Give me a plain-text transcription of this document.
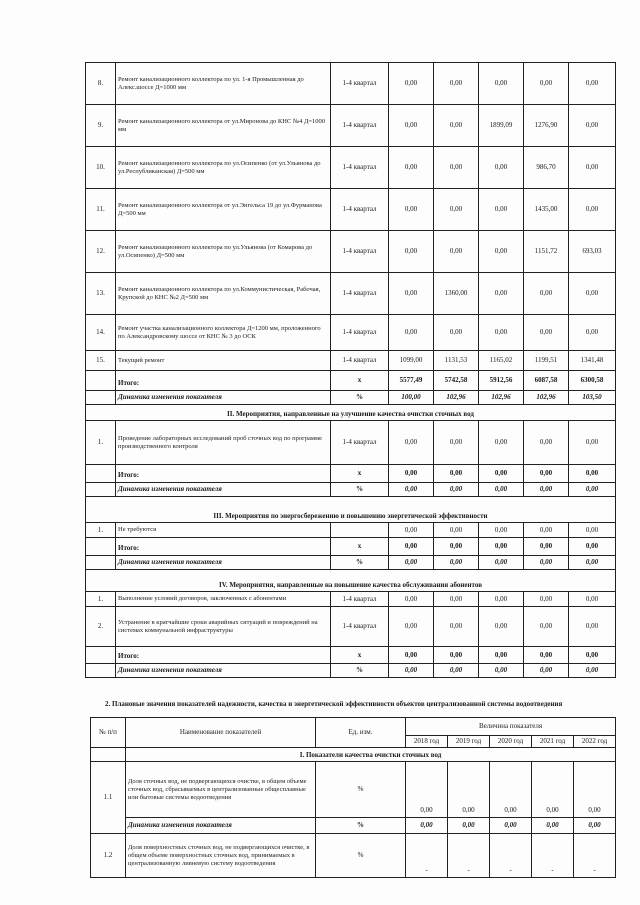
8.	Ремонт канализационного коллектора по ул. 1-я Промышленная до Алекс.шоссе Д=1000 мм	1-4 квартал	0,00	0,00	0,00	0,00	0,00
9.	Ремонт канализационного коллектора от ул.Миронова до КНС №4 Д=1000 мм	1-4 квартал	0,00	0,00	1899,09	1276,90	0,00
10.	Ремонт канализационного коллектора по ул.Осипенко (от ул.Ульянова до ул.Республиканская) Д=500 мм	1-4 квартал	0,00	0,00	0,00	986,70	0,00
11.	Ремонт канализационного коллектора от ул.Энгельса 19 до ул.Фурманова Д=500 мм	1-4 квартал	0,00	0,00	0,00	1435,00	0,00
12.	Ремонт канализационного коллектора по ул.Ульянова (от Комарова до ул.Осипенко) Д=500 мм	1-4 квартал	0,00	0,00	0,00	1151,72	693,03
13.	Ремонт канализационного коллектора по ул.Коммунистическая, Рабочая, Крупской до КНС №2 Д=500 мм	1-4 квартал	0,00	1360,00	0,00	0,00	0,00
14.	Ремонт участка канализационного коллектора Д=1200 мм, проложенного по Александровскому шоссе от КНС № 3 до ОСК	1-4 квартал	0,00	0,00	0,00	0,00	0,00
15.	Текущий ремонт	1-4 квартал	1099,00	1131,53	1165,02	1199,51	1341,48
	Итого:	х	5577,49	5742,58	5912,56	6087,58	6300,58
	Динамика изменения показателя	%	100,00	102,96	102,96	102,96	103,50
II. Мероприятия, направленные на улучшение качества очистки сточных вод							
1.	Проведение лабораторных исследований проб сточных вод по программе производственного контроля	1-4 квартал	0,00	0,00	0,00	0,00	0,00
	Итого:	х	0,00	0,00	0,00	0,00	0,00
	Динамика изменения показателя	%	0,00	0,00	0,00	0,00	0,00
III. Мероприятия по энергосбережению и повышению энергетической эффективности							
1.	Не требуются		0,00	0,00	0,00	0,00	0,00
	Итого:	х	0,00	0,00	0,00	0,00	0,00
	Динамика изменения показателя	%	0,00	0,00	0,00	0,00	0,00
IV. Мероприятия, направленные на повышение качества обслуживания абонентов							
1.	Выполнение условий договоров, заключенных с абонентами	1-4 квартал	0,00	0,00	0,00	0,00	0,00
2.	Устранение в кратчайшие сроки аварийных ситуаций и повреждений на системах коммунальной инфраструктуры	1-4 квартал	0,00	0,00	0,00	0,00	0,00
	Итого:	х	0,00	0,00	0,00	0,00	0,00
	Динамика изменения показателя	%	0,00	0,00	0,00	0,00	0,00
2. Плановые значения показателей надежности, качества и энергетической эффективности объектов централизованной системы водоотведения
№ п/п	Наименование показателей	Ед. изм.	Величина показателя				
			2018 год	2019 год	2020 год	2021 год	2022 год
	I. Показатели качества очистки сточных вод						
1.1	Доля сточных вод, не подвергающихся очистке, в общем объеме сточных вод, сбрасываемых в централизованные общесплавные или бытовые системы водоотведения	%	0,00	0,00	0,00	0,00	0,00
	Динамика изменения показателя	%	0,00	0,00	0,00	0,00	0,00
1.2	Доля поверхностных сточных вод, не подвергающихся очистке, в общем объеме поверхностных сточных вод, принимаемых в централизованную ливневую систему водоотведения	%	-	-	-	-	-
